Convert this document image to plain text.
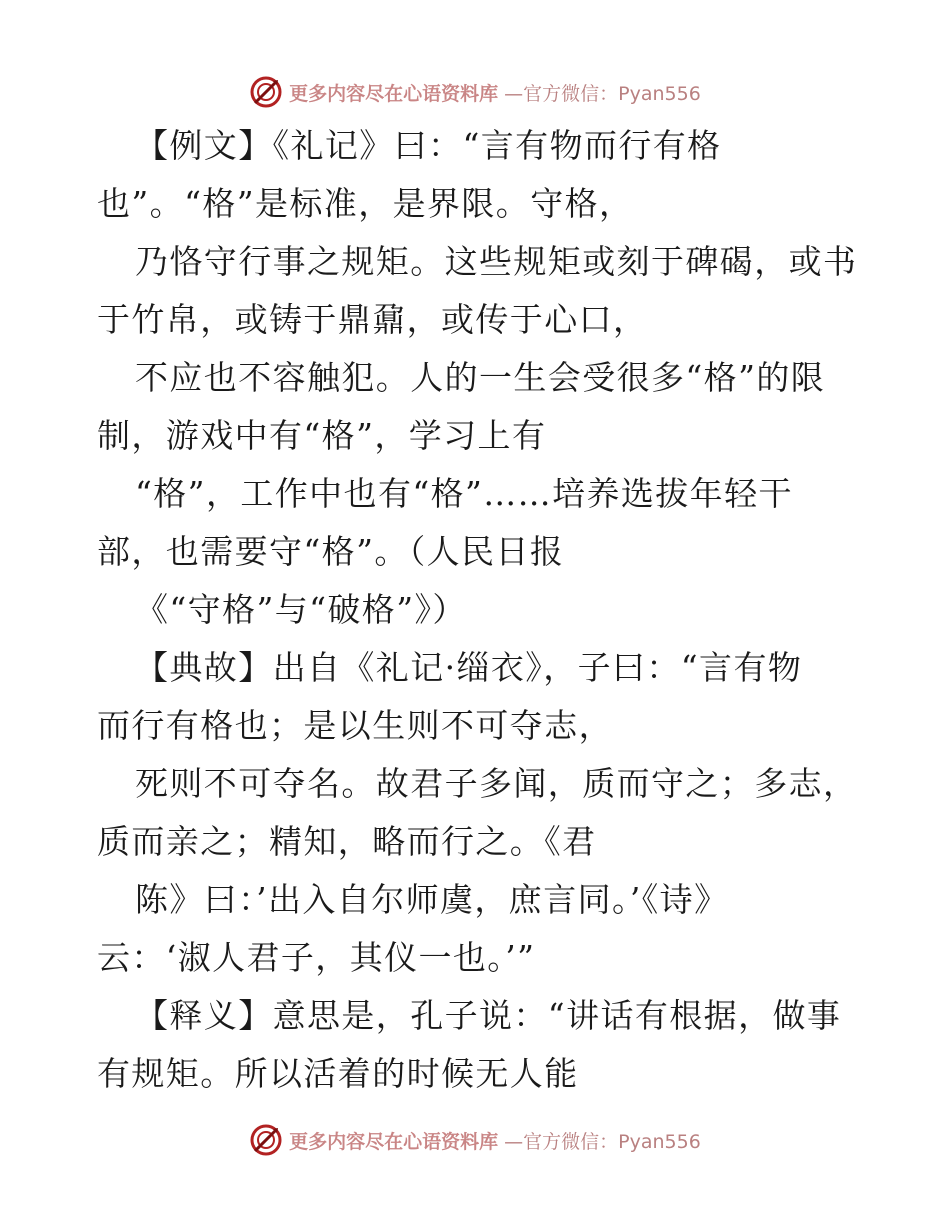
更多内容尽在心语资料库 —官方微信：Pyan556
【例文】《礼记》曰：“言有物而行有格
也”。“格”是标准，是界限。守格，
乃恪守行事之规矩。这些规矩或刻于碑碣，或书
于竹帛，或铸于鼎鼐，或传于心口，
不应也不容触犯。人的一生会受很多“格”的限
制，游戏中有“格”，学习上有
“格”，工作中也有“格”……培养选拔年轻干
部，也需要守“格”。（人民日报
《“守格”与“破格”》）
【典故】出自《礼记·缁衣》，子曰：“言有物
而行有格也；是以生则不可夺志，
死则不可夺名。故君子多闻，质而守之；多志，
质而亲之；精知，略而行之。《君
陈》曰：’出入自尔师虞，庶言同。’《诗》
云：‘淑人君子，其仪一也。’”
【释义】意思是，孔子说：“讲话有根据，做事
有规矩。所以活着的时候无人能
更多内容尽在心语资料库 —官方微信：Pyan556
